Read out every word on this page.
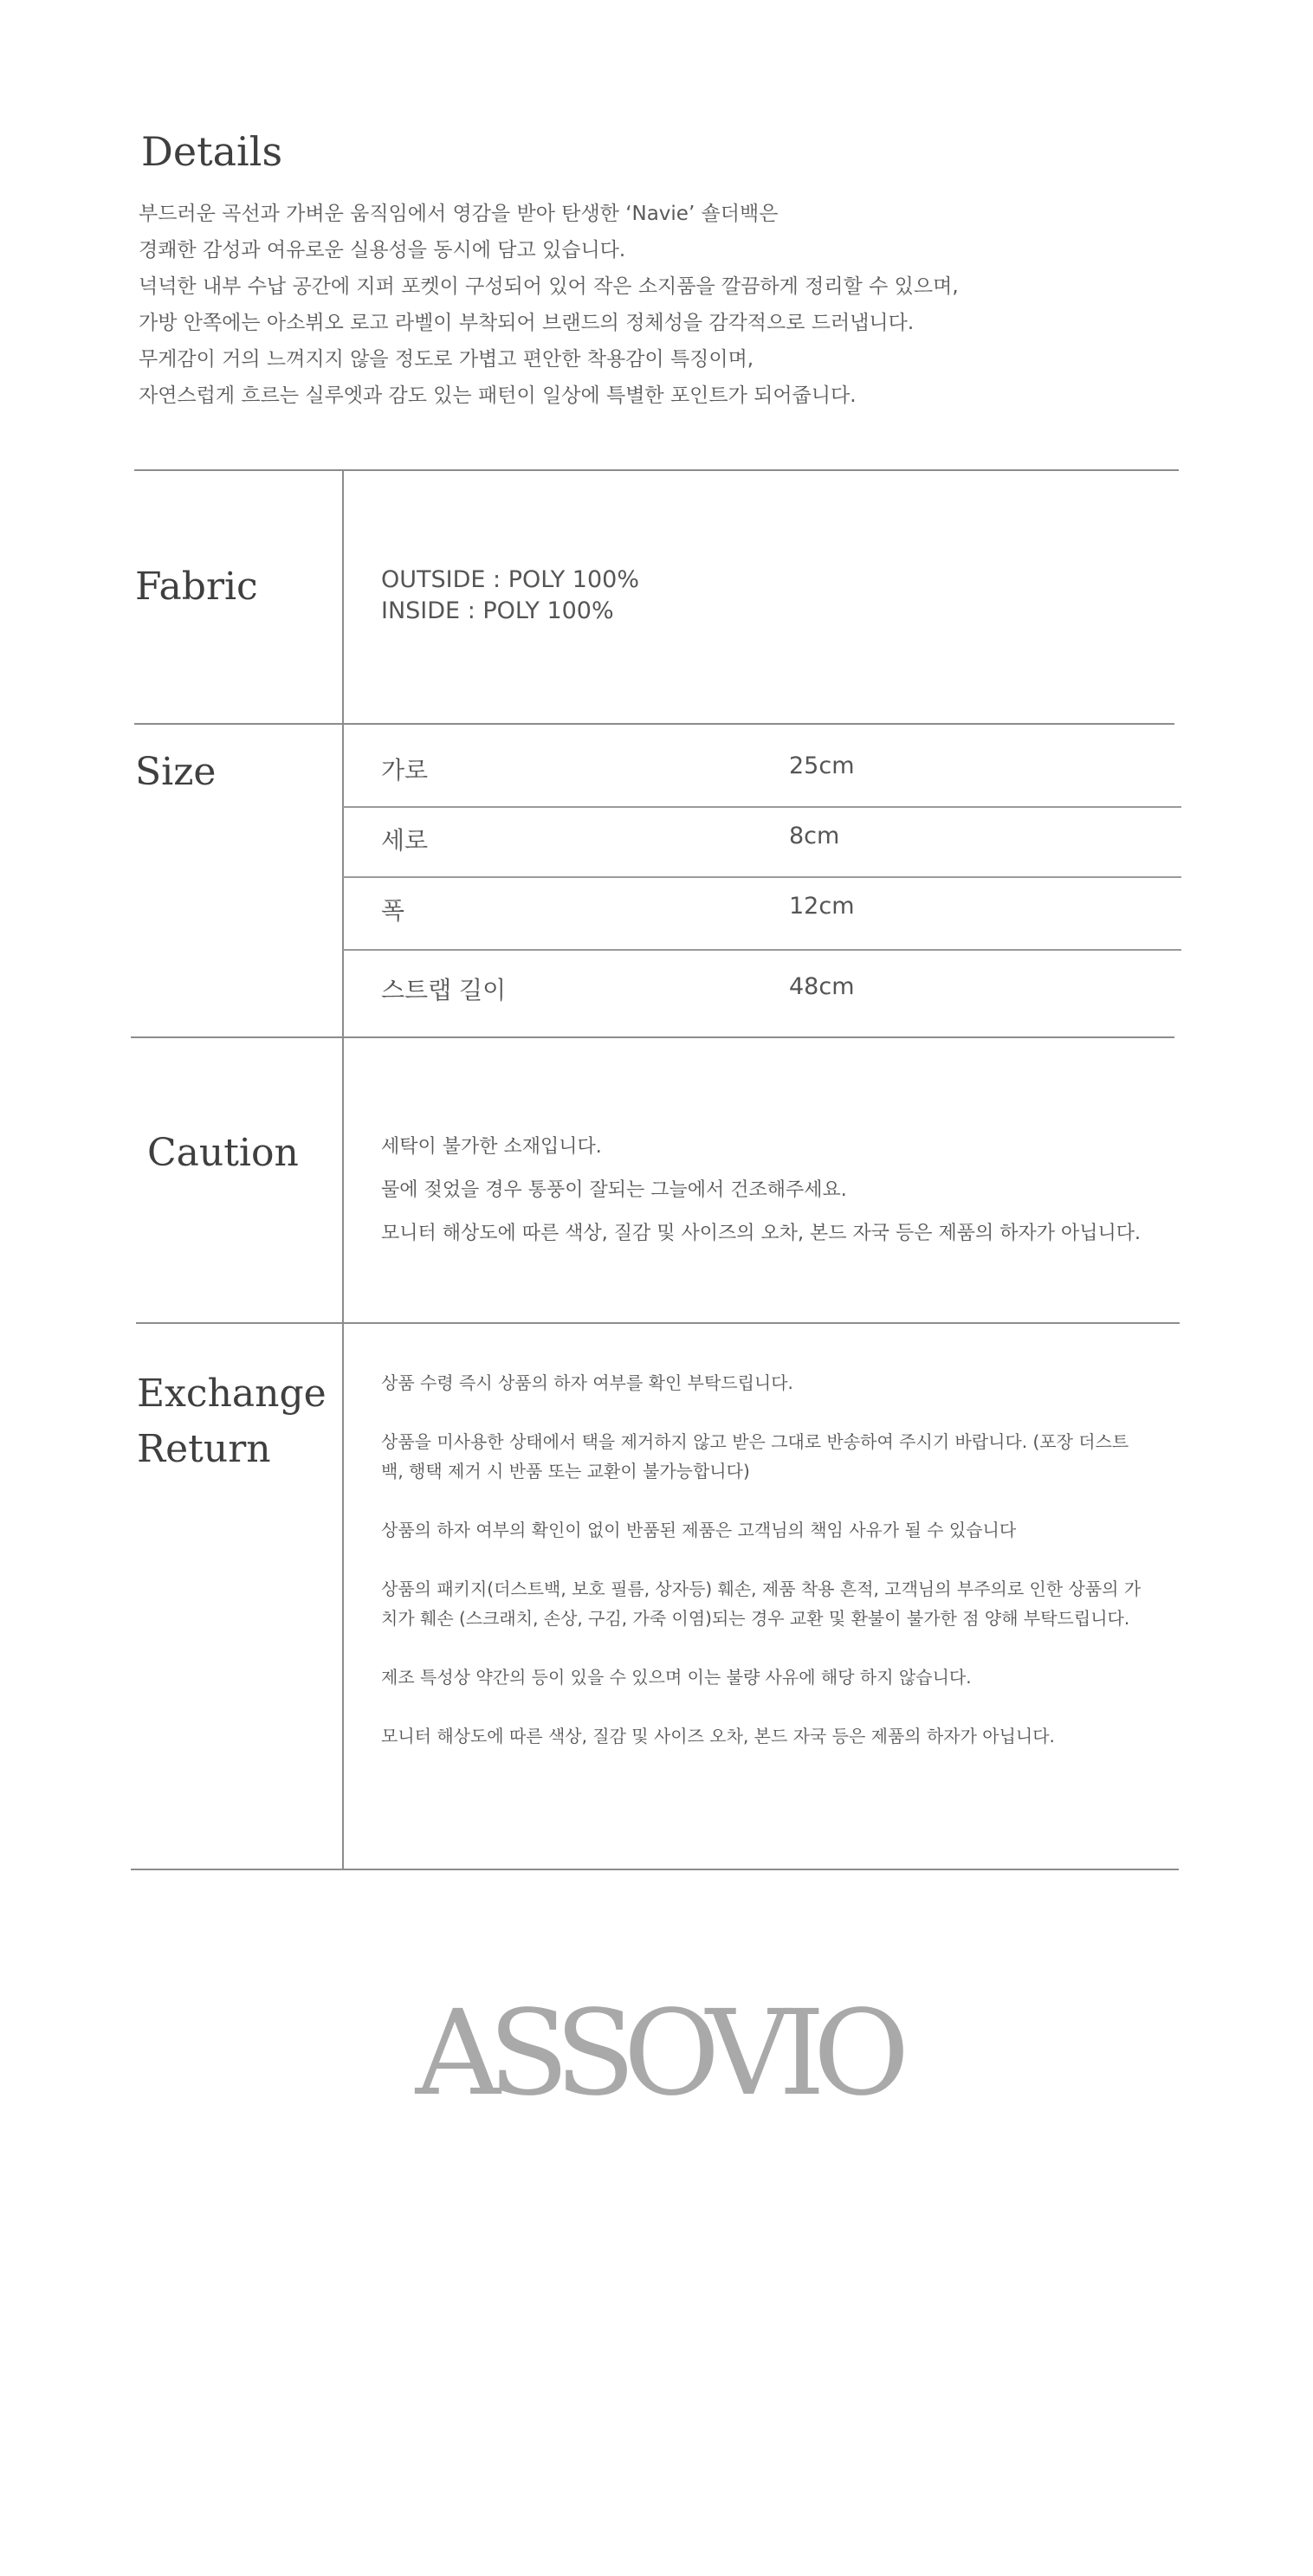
Details
부드러운 곡선과 가벼운 움직임에서 영감을 받아 탄생한 ‘Navie’ 숄더백은
경쾌한 감성과 여유로운 실용성을 동시에 담고 있습니다.
넉넉한 내부 수납 공간에 지퍼 포켓이 구성되어 있어 작은 소지품을 깔끔하게 정리할 수 있으며,
가방 안쪽에는 아소뷔오 로고 라벨이 부착되어 브랜드의 정체성을 감각적으로 드러냅니다.
무게감이 거의 느껴지지 않을 정도로 가볍고 편안한 착용감이 특징이며,
자연스럽게 흐르는 실루엣과 감도 있는 패턴이 일상에 특별한 포인트가 되어줍니다.
Fabric	OUTSIDE : POLY 100%
INSIDE : POLY 100%
Size	가로	25cm
세로	8cm
폭	12cm
스트랩 길이	48cm
Caution	세탁이 불가한 소재입니다.
물에 젖었을 경우 통풍이 잘되는 그늘에서 건조해주세요.
모니터 해상도에 따른 색상, 질감 및 사이즈의 오차, 본드 자국 등은 제품의 하자가 아닙니다.
Exchange
Return

상품 수령 즉시 상품의 하자 여부를 확인 부탁드립니다.

상품을 미사용한 상태에서 택을 제거하지 않고 받은 그대로 반송하여 주시기 바랍니다. (포장 더스트백, 행택 제거 시 반품 또는 교환이 불가능합니다)

상품의 하자 여부의 확인이 없이 반품된 제품은 고객님의 책임 사유가 될 수 있습니다

상품의 패키지(더스트백, 보호 필름, 상자등) 훼손, 제품 착용 흔적, 고객님의 부주의로 인한 상품의 가치가 훼손 (스크래치, 손상, 구김, 가죽 이염)되는 경우 교환 및 환불이 불가한 점 양해 부탁드립니다.

제조 특성상 약간의 등이 있을 수 있으며 이는 불량 사유에 해당 하지 않습니다.

모니터 해상도에 따른 색상, 질감 및 사이즈 오차, 본드 자국 등은 제품의 하자가 아닙니다.

ASSOVIO
